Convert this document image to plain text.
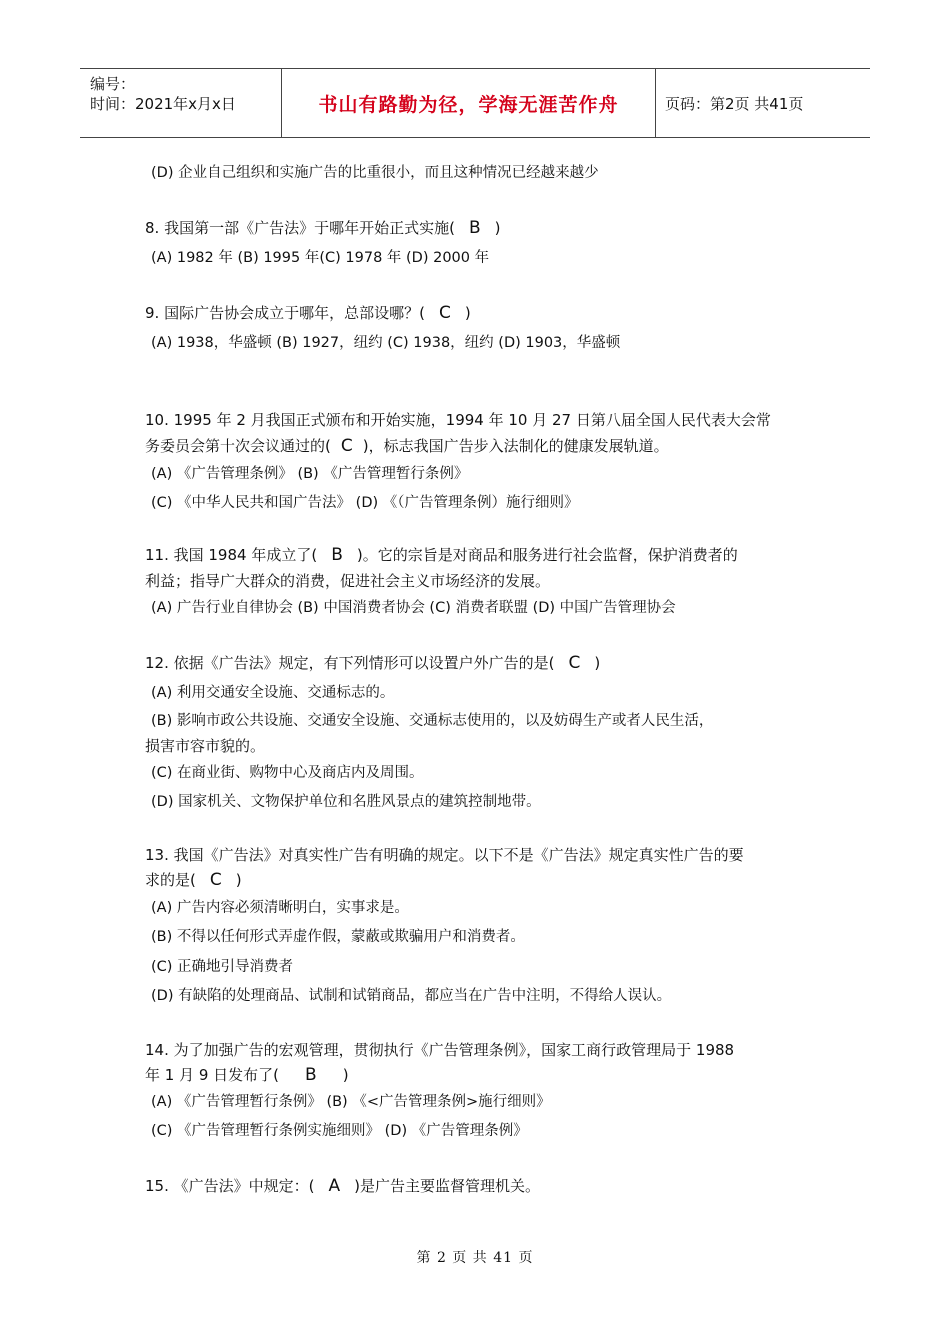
编号：
时间：2021年x月x日	书山有路勤为径，学海无涯苦作舟	页码：第2页 共41页
(D) 企业自己组织和实施广告的比重很小，而且这种情况已经越来越少
8. 我国第一部《广告法》于哪年开始正式实施( B )
(A) 1982 年 (B) 1995 年(C) 1978 年 (D) 2000 年
9. 国际广告协会成立于哪年，总部设哪？( C )
(A) 1938，华盛顿 (B) 1927，纽约 (C) 1938，纽约 (D) 1903，华盛顿
10. 1995 年 2 月我国正式颁布和开始实施，1994 年 10 月 27 日第八届全国人民代表大会常
务委员会第十次会议通过的( C )，标志我国广告步入法制化的健康发展轨道。
(A) 《广告管理条例》 (B) 《广告管理暂行条例》
(C) 《中华人民共和国广告法》 (D) 《（广告管理条例）施行细则》
11. 我国 1984 年成立了( B )。它的宗旨是对商品和服务进行社会监督，保护消费者的
利益；指导广大群众的消费，促进社会主义市场经济的发展。
(A) 广告行业自律协会 (B) 中国消费者协会 (C) 消费者联盟 (D) 中国广告管理协会
12. 依据《广告法》规定，有下列情形可以设置户外广告的是( C )
(A) 利用交通安全设施、交通标志的。
(B) 影响市政公共设施、交通安全设施、交通标志使用的，以及妨碍生产或者人民生活，
损害市容市貌的。
(C) 在商业街、购物中心及商店内及周围。
(D) 国家机关、文物保护单位和名胜风景点的建筑控制地带。
13. 我国《广告法》对真实性广告有明确的规定。以下不是《广告法》规定真实性广告的要
求的是( C )
(A) 广告内容必须清晰明白，实事求是。
(B) 不得以任何形式弄虚作假，蒙蔽或欺骗用户和消费者。
(C) 正确地引导消费者
(D) 有缺陷的处理商品、试制和试销商品，都应当在广告中注明，不得给人误认。
14. 为了加强广告的宏观管理，贯彻执行《广告管理条例》，国家工商行政管理局于 1988
年 1 月 9 日发布了( B )
(A) 《广告管理暂行条例》 (B) 《<广告管理条例>施行细则》
(C) 《广告管理暂行条例实施细则》 (D) 《广告管理条例》
15. 《广告法》中规定：( A )是广告主要监督管理机关。
第 2 页 共 41 页
